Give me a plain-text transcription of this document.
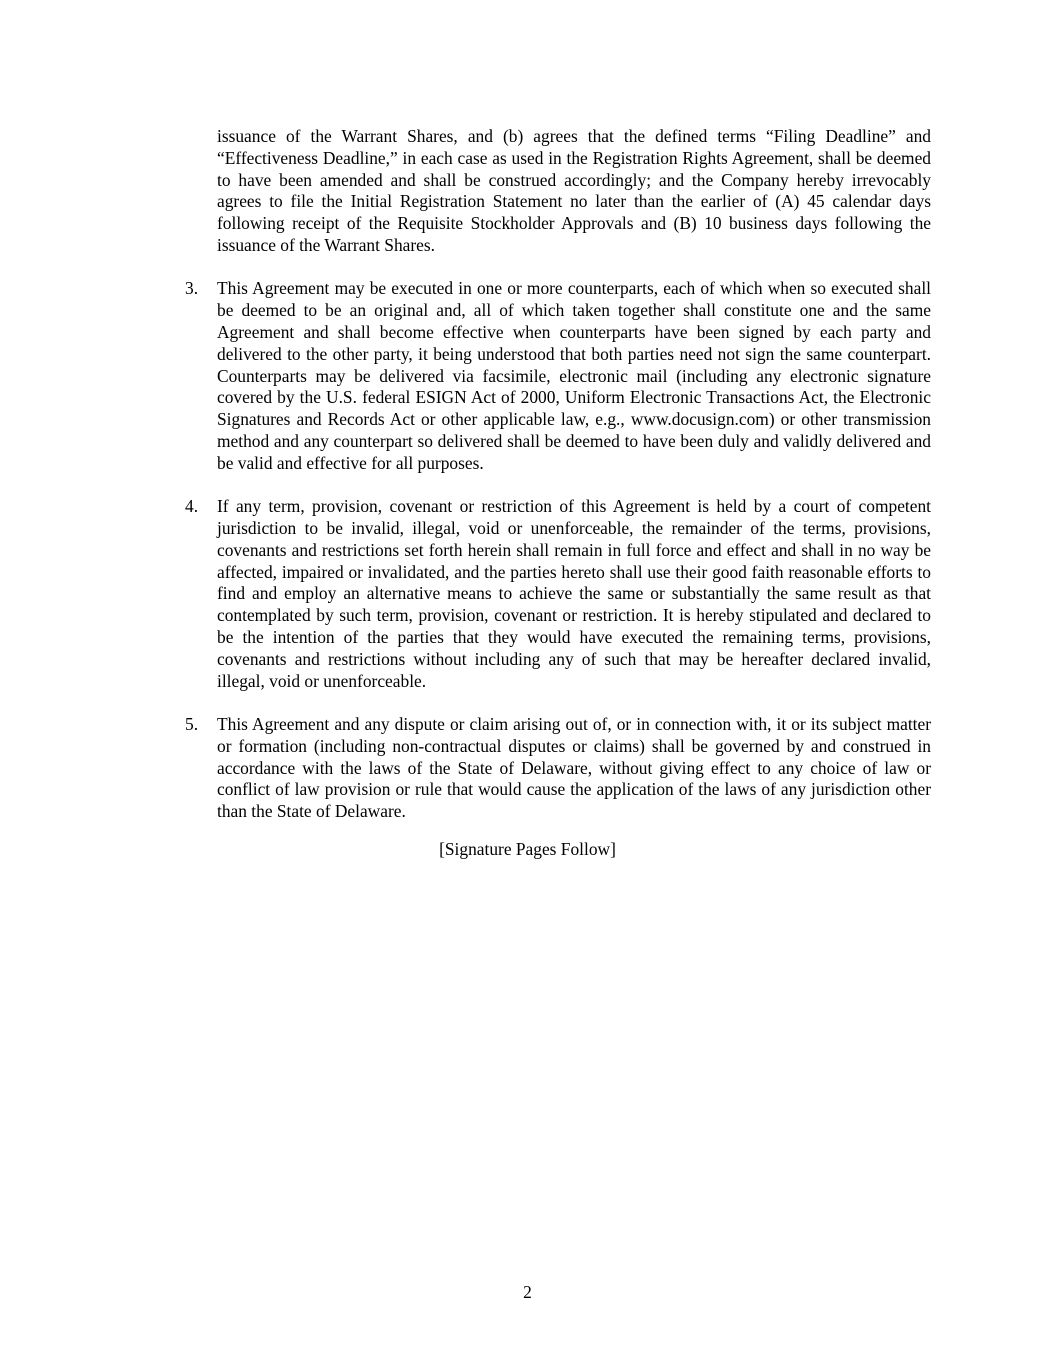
issuance of the Warrant Shares, and (b) agrees that the defined terms “Filing Deadline” and “Effectiveness Deadline,” in each case as used in the Registration Rights Agreement, shall be deemed to have been amended and shall be construed accordingly; and the Company hereby irrevocably agrees to file the Initial Registration Statement no later than the earlier of (A) 45 calendar days following receipt of the Requisite Stockholder Approvals and (B) 10 business days following the issuance of the Warrant Shares.

3. This Agreement may be executed in one or more counterparts, each of which when so executed shall be deemed to be an original and, all of which taken together shall constitute one and the same Agreement and shall become effective when counterparts have been signed by each party and delivered to the other party, it being understood that both parties need not sign the same counterpart. Counterparts may be delivered via facsimile, electronic mail (including any electronic signature covered by the U.S. federal ESIGN Act of 2000, Uniform Electronic Transactions Act, the Electronic Signatures and Records Act or other applicable law, e.g., www.docusign.com) or other transmission method and any counterpart so delivered shall be deemed to have been duly and validly delivered and be valid and effective for all purposes.
4. If any term, provision, covenant or restriction of this Agreement is held by a court of competent jurisdiction to be invalid, illegal, void or unenforceable, the remainder of the terms, provisions, covenants and restrictions set forth herein shall remain in full force and effect and shall in no way be affected, impaired or invalidated, and the parties hereto shall use their good faith reasonable efforts to find and employ an alternative means to achieve the same or substantially the same result as that contemplated by such term, provision, covenant or restriction. It is hereby stipulated and declared to be the intention of the parties that they would have executed the remaining terms, provisions, covenants and restrictions without including any of such that may be hereafter declared invalid, illegal, void or unenforceable.
5. This Agreement and any dispute or claim arising out of, or in connection with, it or its subject matter or formation (including non-contractual disputes or claims) shall be governed by and construed in accordance with the laws of the State of Delaware, without giving effect to any choice of law or conflict of law provision or rule that would cause the application of the laws of any jurisdiction other than the State of Delaware.
[Signature Pages Follow]
2
